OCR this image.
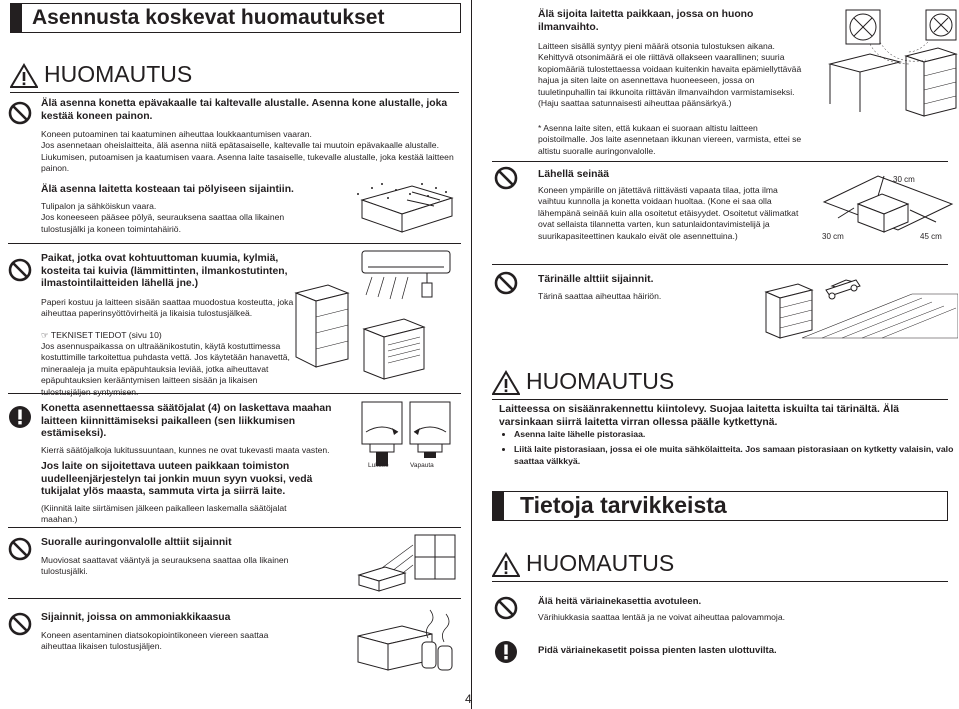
Asennusta koskevat huomautukset
HUOMAUTUS
Älä asenna konetta epävakaalle tai kaltevalle alustalle. Asenna kone alustalle, joka kestää koneen painon.
Koneen putoaminen tai kaatuminen aiheuttaa loukkaantumisen vaaran.
Jos asennetaan oheislaitteita, älä asenna niitä epätasaiselle, kaltevalle tai muutoin epävakaalle alustalle. Liukumisen, putoamisen ja kaatumisen vaara. Asenna laite tasaiselle, tukevalle alustalle, joka kestää laitteen painon.
Älä asenna laitetta kosteaan tai pölyiseen sijaintiin.
Tulipalon ja sähköiskun vaara.
Jos koneeseen pääsee pölyä, seurauksena saattaa olla likainen tulostusjälki ja koneen toimintahäiriö.
Paikat, jotka ovat kohtuuttoman kuumia, kylmiä, kosteita tai kuivia (lämmittinten, ilmankostutinten, ilmastointilaitteiden lähellä jne.)
Paperi kostuu ja laitteen sisään saattaa muodostua kosteutta, joka aiheuttaa paperinsyöttövirheitä ja likaisia tulostusjälkeä.
☞ TEKNISET TIEDOT (sivu 10)
Jos asennuspaikassa on ultraäänikostutin, käytä kostuttimessa kostuttimille tarkoitettua puhdasta vettä. Jos käytetään hanavettä, mineraaleja ja muita epäpuhtauksia leviää, jotka aiheuttavat epäpuhtauksien kerääntymisen laitteen sisään ja likaisen tulostusjäljen syntymisen.
Konetta asennettaessa säätöjalat (4) on laskettava maahan laitteen kiinnittämiseksi paikalleen (sen liikkumisen estämiseksi).
Kierrä säätöjalkoja lukitussuuntaan, kunnes ne ovat tukevasti maata vasten.
Jos laite on sijoitettava uuteen paikkaan toimiston uudelleenjärjestelyn tai jonkin muun syyn vuoksi, vedä tukijalat ylös maasta, sammuta virta ja siirrä laite.
(Kiinnitä laite siirtämisen jälkeen paikalleen laskemalla säätöjalat maahan.)
Lukitse	Vapauta
Suoralle auringonvalolle alttiit sijainnit
Muoviosat saattavat vääntyä ja seurauksena saattaa olla likainen tulostusjälki.
Sijainnit, joissa on ammoniakkikaasua
Koneen asentaminen diatsokopiointikoneen viereen saattaa aiheuttaa likaisen tulostusjäljen.
4
Älä sijoita laitetta paikkaan, jossa on huono ilmanvaihto.
Laitteen sisällä syntyy pieni määrä otsonia tulostuksen aikana. Kehittyvä otsonimäärä ei ole riittävä ollakseen vaarallinen; suuria kopiomääriä tulostettaessa voidaan kuitenkin havaita epämiellyttävää hajua ja siten laite on asennettava huoneeseen, jossa on tuuletinpuhallin tai ikkunoita riittävän ilmanvaihdon varmistamiseksi. (Haju saattaa satunnaisesti aiheuttaa päänsärkyä.)
* Asenna laite siten, että kukaan ei suoraan altistu laitteen poistoilmalle. Jos laite asennetaan ikkunan viereen, varmista, ettei se altistu suoralle auringonvalolle.
Lähellä seinää
Koneen ympärille on jätettävä riittävästi vapaata tilaa, jotta ilma vaihtuu kunnolla ja konetta voidaan huoltaa. (Kone ei saa olla lähempänä seinää kuin alla osoitetut etäisyydet. Osoitetut välimatkat ovat sellaista tilannetta varten, kun satunlaidontavimistelijä ja suurikapasiteettinen kaukalo eivät ole asennettuina.)
30 cm
30 cm	45 cm
Tärinälle alttiit sijainnit.
Tärinä saattaa aiheuttaa häiriön.
HUOMAUTUS
Laitteessa on sisäänrakennettu kiintolevy. Suojaa laitetta iskuilta tai tärinältä. Älä varsinkaan siirrä laitetta virran ollessa päälle kytkettynä.
• Asenna laite lähelle pistorasiaa.
• Liitä laite pistorasiaan, jossa ei ole muita sähkölaitteita. Jos samaan pistorasiaan on kytketty valaisin, valo saattaa välkkyä.
Tietoja tarvikkeista
HUOMAUTUS
Älä heitä väriainekasettia avotuleen.
Värihiukkasia saattaa lentää ja ne voivat aiheuttaa palovammoja.
Pidä väriainekasetit poissa pienten lasten ulottuvilta.
